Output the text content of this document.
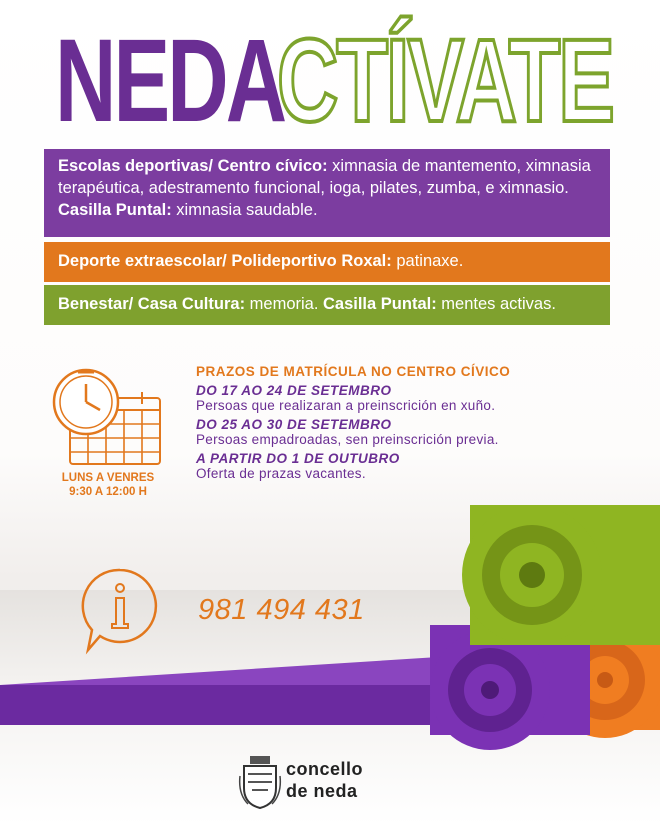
NEDA
CTÍVATE
Escolas deportivas/ Centro cívico: ximnasia de mantemento, ximnasia terapéutica, adestramento funcional, ioga, pilates, zumba, e ximnasio. Casilla Puntal: ximnasia saudable.
Deporte extraescolar/ Polideportivo Roxal: patinaxe.
Benestar/ Casa Cultura: memoria. Casilla Puntal: mentes activas.
LUNS A VENRES
9:30 A 12:00 H
PRAZOS DE MATRÍCULA NO CENTRO CÍVICO
DO 17 AO 24 DE SETEMBRO
Persoas que realizaran a preinscrición en xuño.
DO 25 AO 30 DE SETEMBRO
Persoas empadroadas, sen preinscrición previa.
A PARTIR DO 1 DE OUTUBRO
Oferta de prazas vacantes.
981 494 431
concello
de neda
